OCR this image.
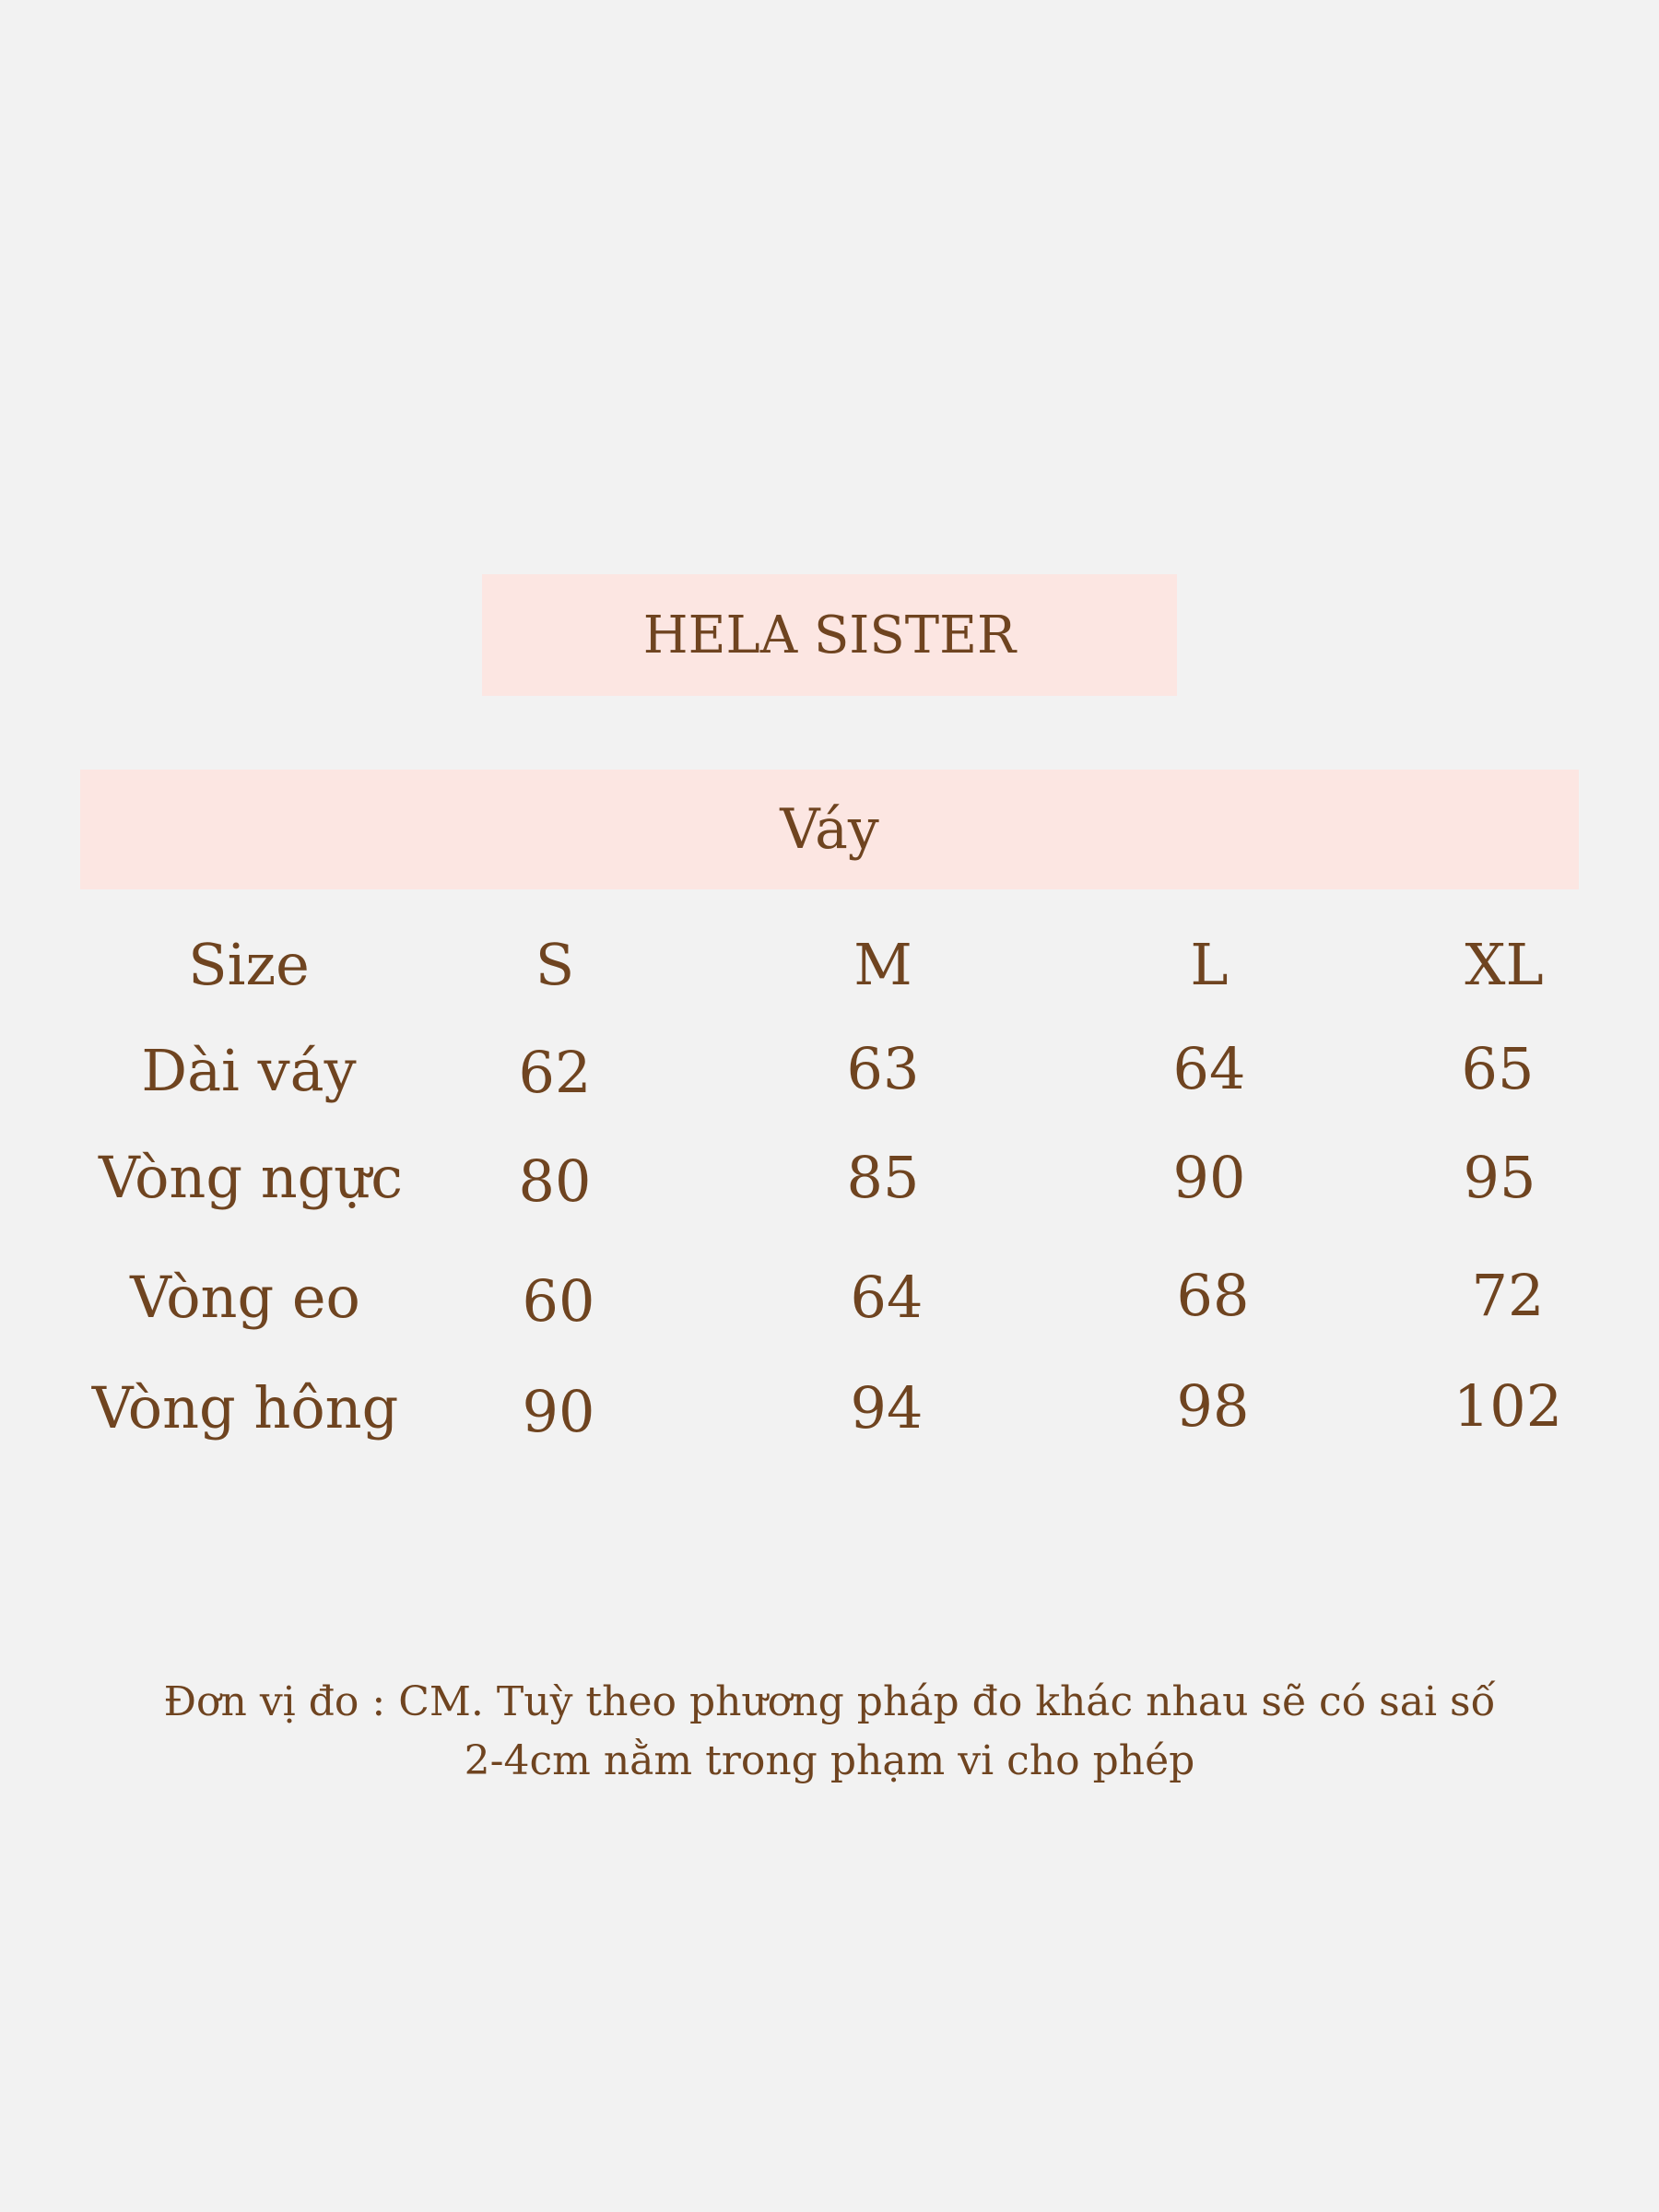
HELA SISTER
Váy
Size	S	M	L	XL
Dài váy	62	63	64	65
Vòng ngực 80	85	90	95
Vòng eo	60	64	68	72
Vòng hông 90	94	98	102
Đơn vị đo : CM. Tuỳ theo phương pháp đo khác nhau sẽ có sai số
2-4cm nằm trong phạm vi cho phép
